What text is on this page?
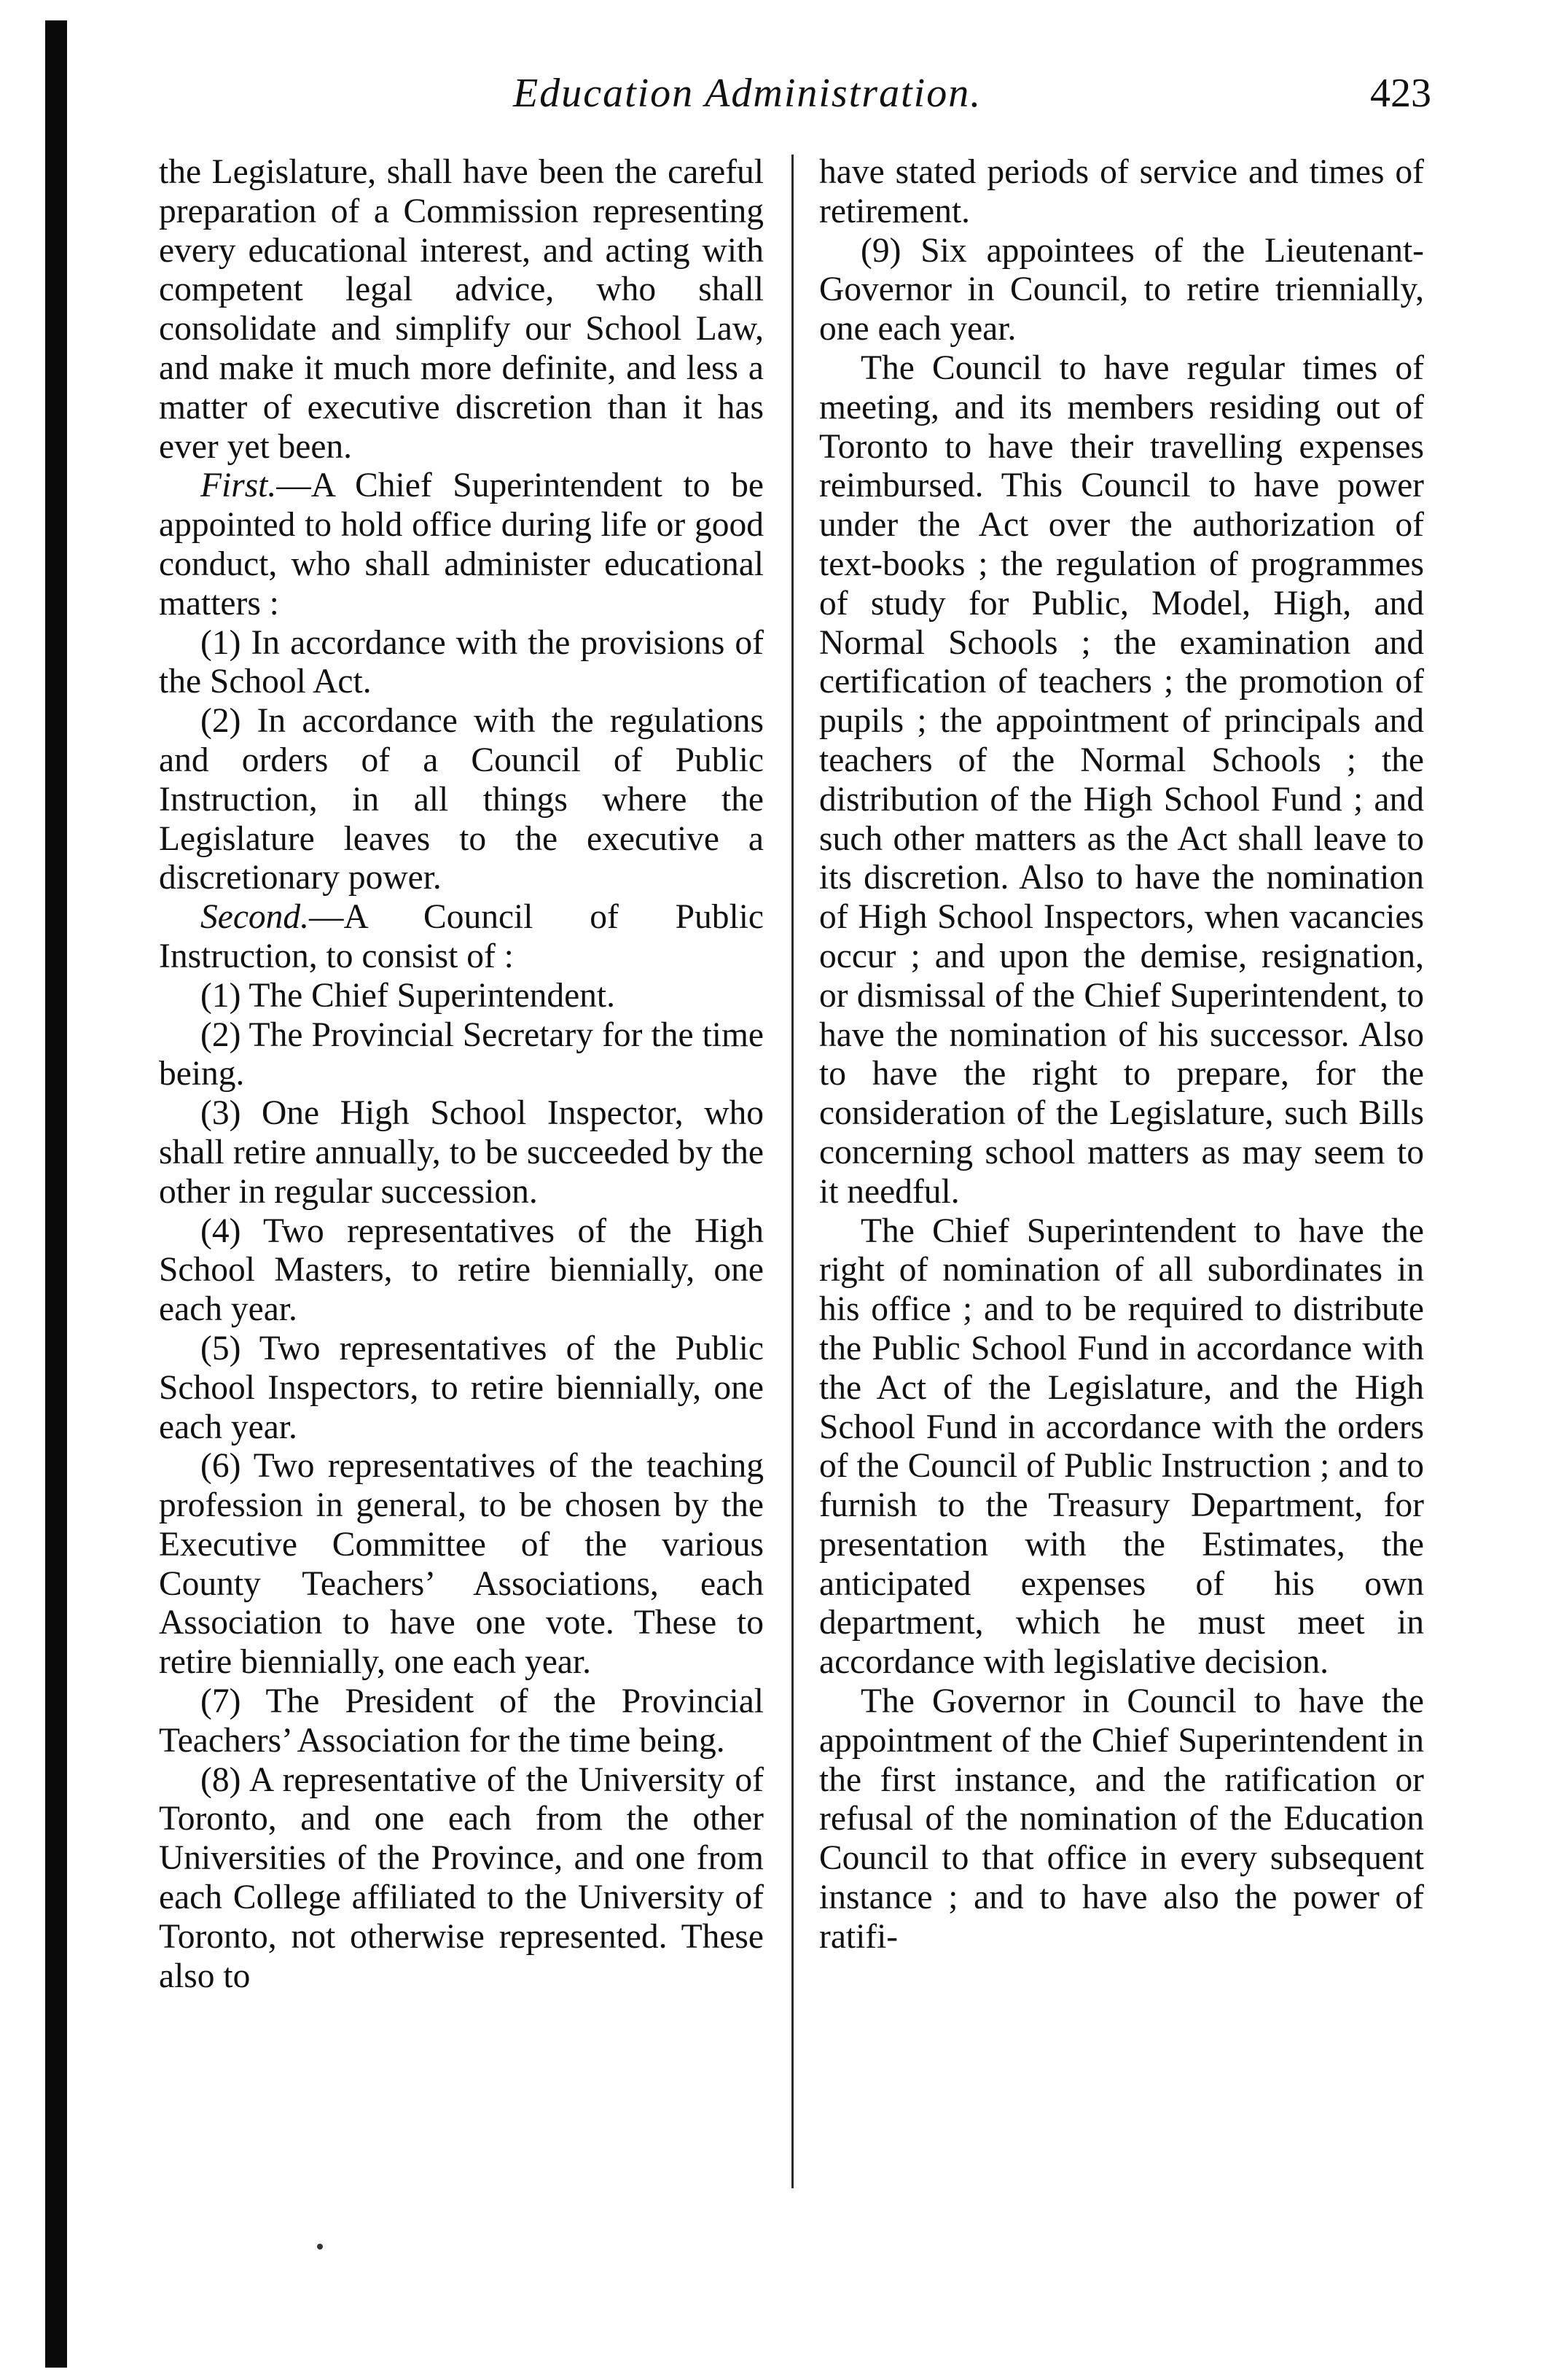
Education Administration.	423

the Legislature, shall have been the careful preparation of a Commission representing every educational interest, and acting with competent legal advice, who shall consolidate and simplify our School Law, and make it much more definite, and less a matter of executive discretion than it has ever yet been.

First.—A Chief Superintendent to be appointed to hold office during life or good conduct, who shall administer educational matters :

(1) In accordance with the provisions of the School Act.

(2) In accordance with the regulations and orders of a Council of Public Instruction, in all things where the Legislature leaves to the executive a discretionary power.

Second.—A Council of Public Instruction, to consist of :

(1) The Chief Superintendent.

(2) The Provincial Secretary for the time being.

(3) One High School Inspector, who shall retire annually, to be succeeded by the other in regular succession.

(4) Two representatives of the High School Masters, to retire biennially, one each year.

(5) Two representatives of the Public School Inspectors, to retire biennially, one each year.

(6) Two representatives of the teaching profession in general, to be chosen by the Executive Committee of the various County Teachers’ Associations, each Association to have one vote. These to retire biennially, one each year.

(7) The President of the Provincial Teachers’ Association for the time being.

(8) A representative of the University of Toronto, and one each from the other Universities of the Province, and one from each College affiliated to the University of Toronto, not otherwise represented. These also to

have stated periods of service and times of retirement.

(9) Six appointees of the Lieutenant-Governor in Council, to retire triennially, one each year.

The Council to have regular times of meeting, and its members residing out of Toronto to have their travelling expenses reimbursed. This Council to have power under the Act over the authorization of text-books ; the regulation of programmes of study for Public, Model, High, and Normal Schools ; the examination and certification of teachers ; the promotion of pupils ; the appointment of principals and teachers of the Normal Schools ; the distribution of the High School Fund ; and such other matters as the Act shall leave to its discretion. Also to have the nomination of High School Inspectors, when vacancies occur ; and upon the demise, resignation, or dismissal of the Chief Superintendent, to have the nomination of his successor. Also to have the right to prepare, for the consideration of the Legislature, such Bills concerning school matters as may seem to it needful.

The Chief Superintendent to have the right of nomination of all subordinates in his office ; and to be required to distribute the Public School Fund in accordance with the Act of the Legislature, and the High School Fund in accordance with the orders of the Council of Public Instruction ; and to furnish to the Treasury Department, for presentation with the Estimates, the anticipated expenses of his own department, which he must meet in accordance with legislative decision.

The Governor in Council to have the appointment of the Chief Superintendent in the first instance, and the ratification or refusal of the nomination of the Education Council to that office in every subsequent instance ; and to have also the power of ratifi-
